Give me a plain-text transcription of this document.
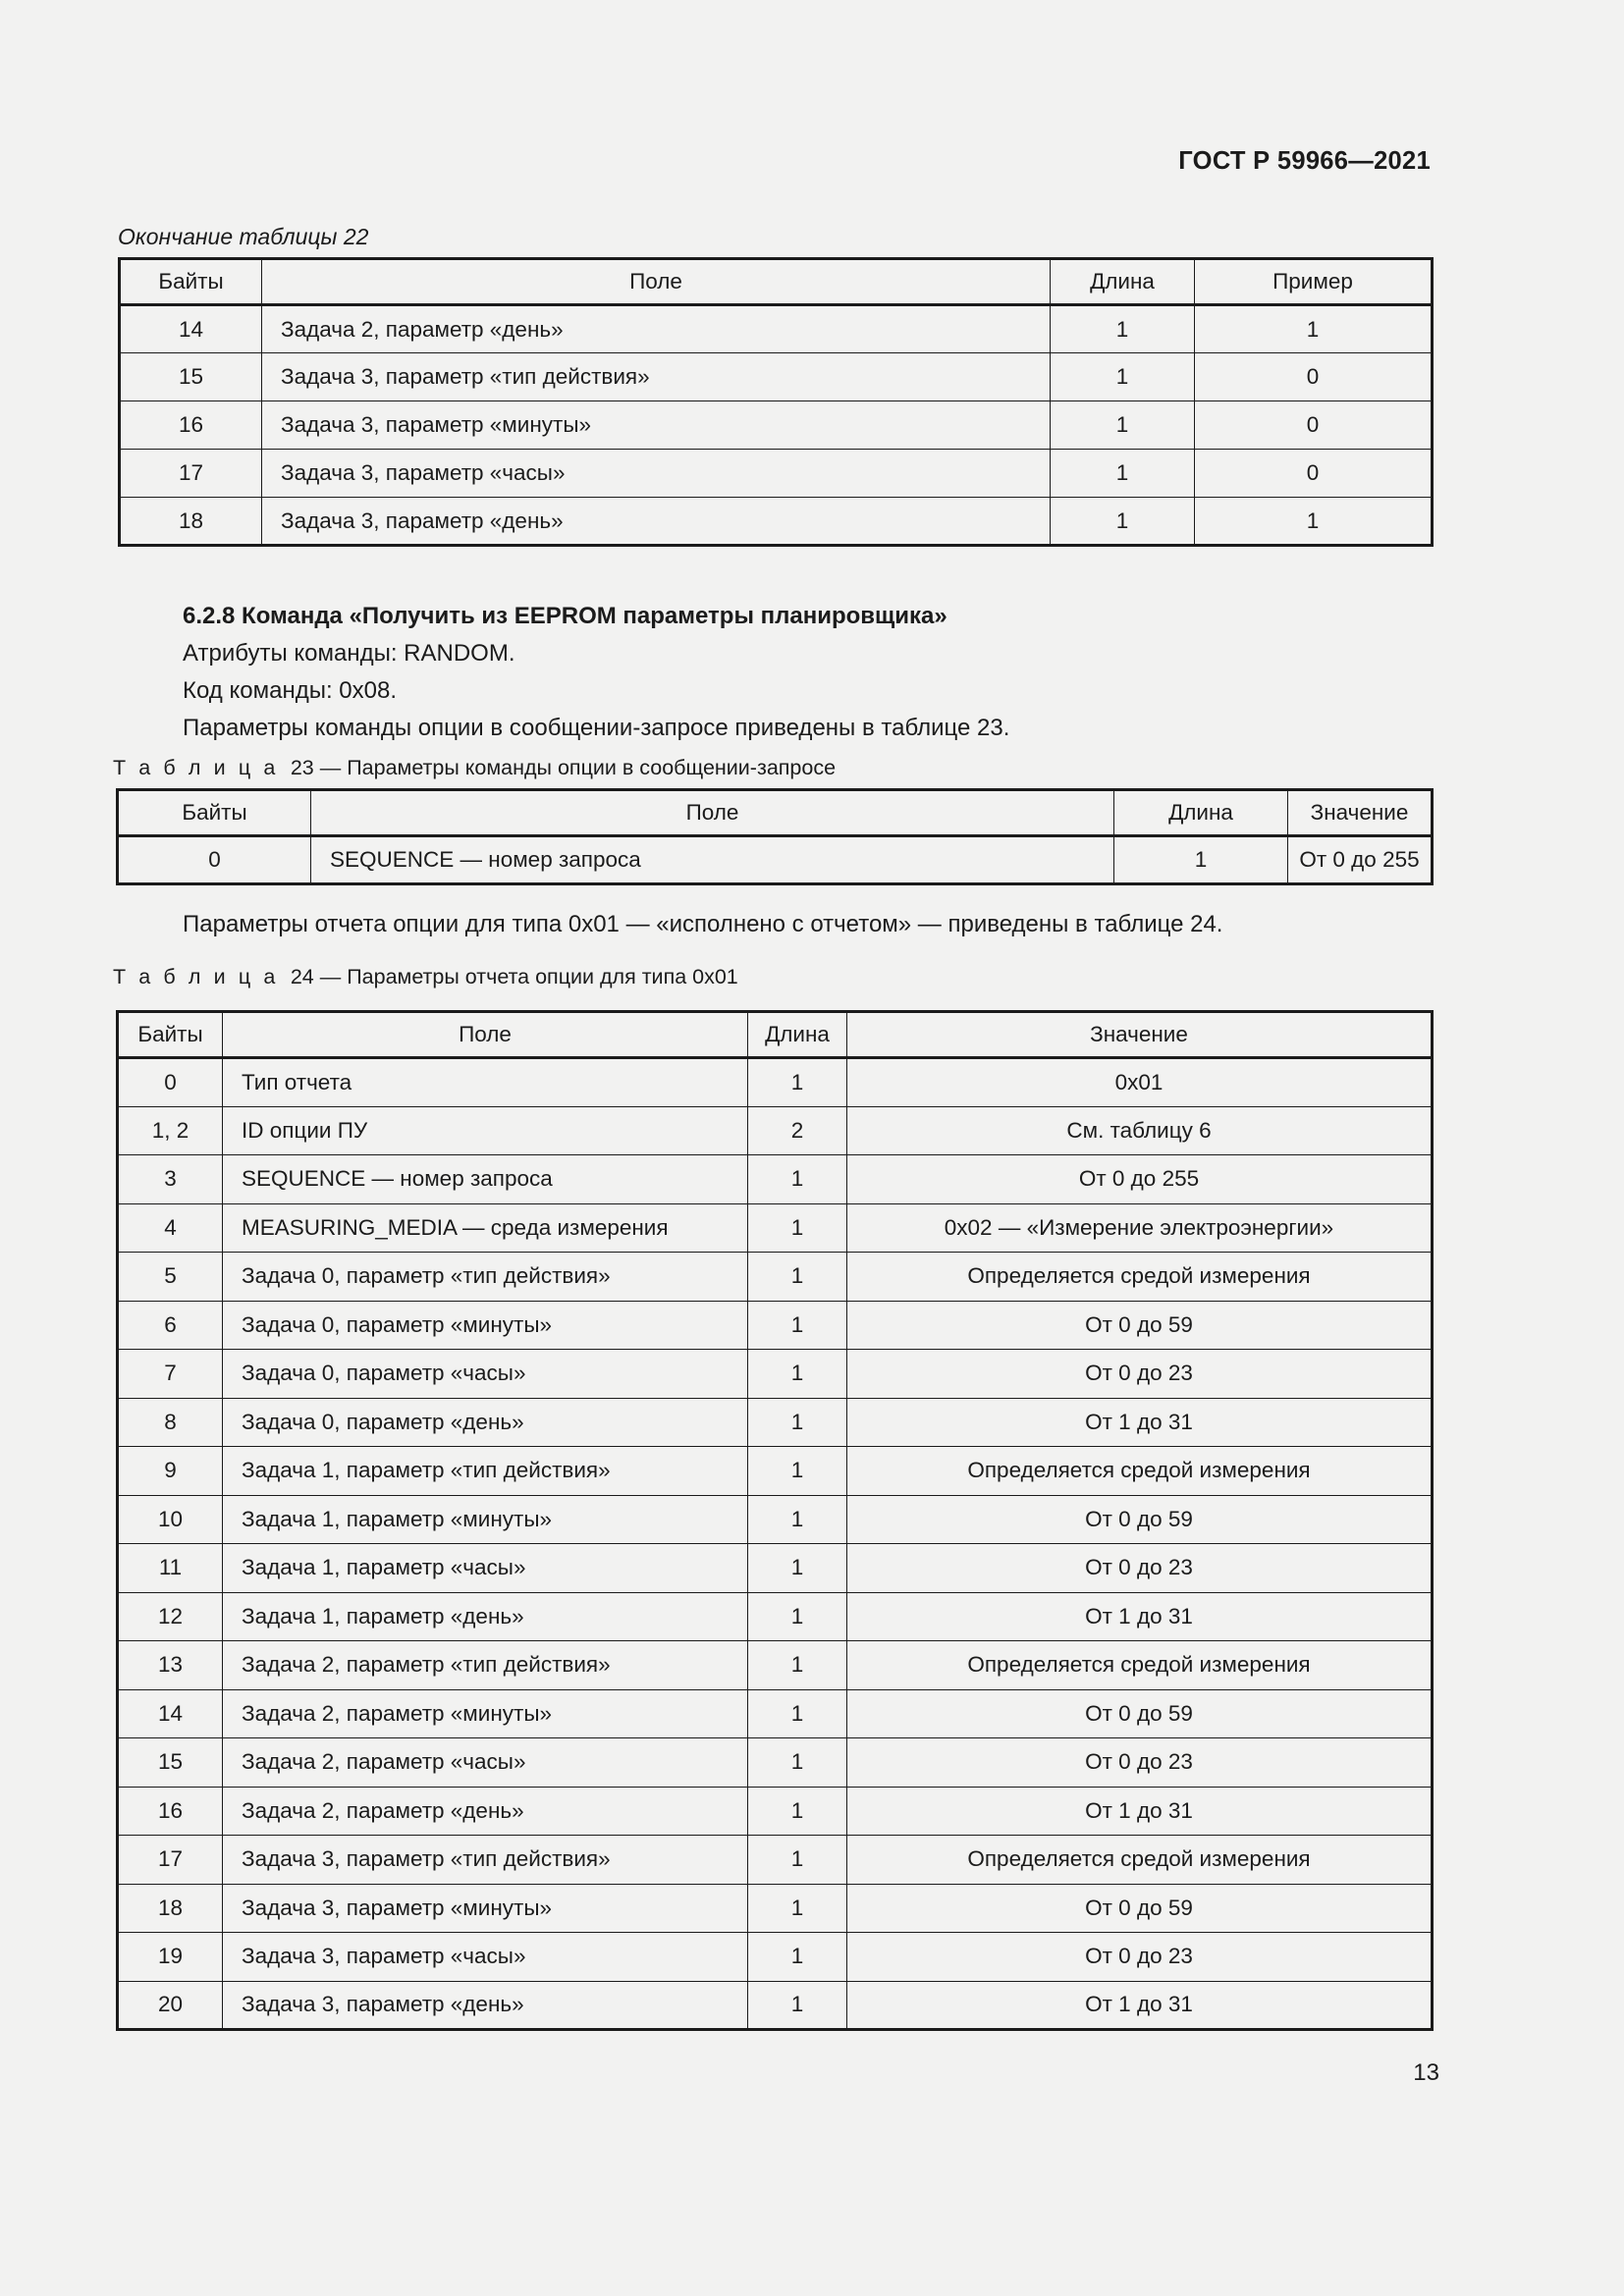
ГОСТ Р 59966—2021
Окончание таблицы 22
Байты	Поле	Длина	Пример
14	Задача 2, параметр «день»	1	1
15	Задача 3, параметр «тип действия»	1	0
16	Задача 3, параметр «минуты»	1	0
17	Задача 3, параметр «часы»	1	0
18	Задача 3, параметр «день»	1	1
6.2.8 Команда «Получить из EEPROM параметры планировщика»
Атрибуты команды: RANDOM.
Код команды: 0x08.
Параметры команды опции в сообщении-запросе приведены в таблице 23.
Т а б л и ц а 23 — Параметры команды опции в сообщении-запросе
Байты	Поле	Длина	Значение
0	SEQUENCE — номер запроса	1	От 0 до 255
Параметры отчета опции для типа 0x01 — «исполнено с отчетом» — приведены в таблице 24.
Т а б л и ц а 24 — Параметры отчета опции для типа 0x01
Байты	Поле	Длина	Значение
0	Тип отчета	1	0x01
1, 2	ID опции ПУ	2	См. таблицу 6
3	SEQUENCE — номер запроса	1	От 0 до 255
4	MEASURING_MEDIA — среда измерения	1	0x02 — «Измерение электроэнергии»
5	Задача 0, параметр «тип действия»	1	Определяется средой измерения
6	Задача 0, параметр «минуты»	1	От 0 до 59
7	Задача 0, параметр «часы»	1	От 0 до 23
8	Задача 0, параметр «день»	1	От 1 до 31
9	Задача 1, параметр «тип действия»	1	Определяется средой измерения
10	Задача 1, параметр «минуты»	1	От 0 до 59
11	Задача 1, параметр «часы»	1	От 0 до 23
12	Задача 1, параметр «день»	1	От 1 до 31
13	Задача 2, параметр «тип действия»	1	Определяется средой измерения
14	Задача 2, параметр «минуты»	1	От 0 до 59
15	Задача 2, параметр «часы»	1	От 0 до 23
16	Задача 2, параметр «день»	1	От 1 до 31
17	Задача 3, параметр «тип действия»	1	Определяется средой измерения
18	Задача 3, параметр «минуты»	1	От 0 до 59
19	Задача 3, параметр «часы»	1	От 0 до 23
20	Задача 3, параметр «день»	1	От 1 до 31
13
